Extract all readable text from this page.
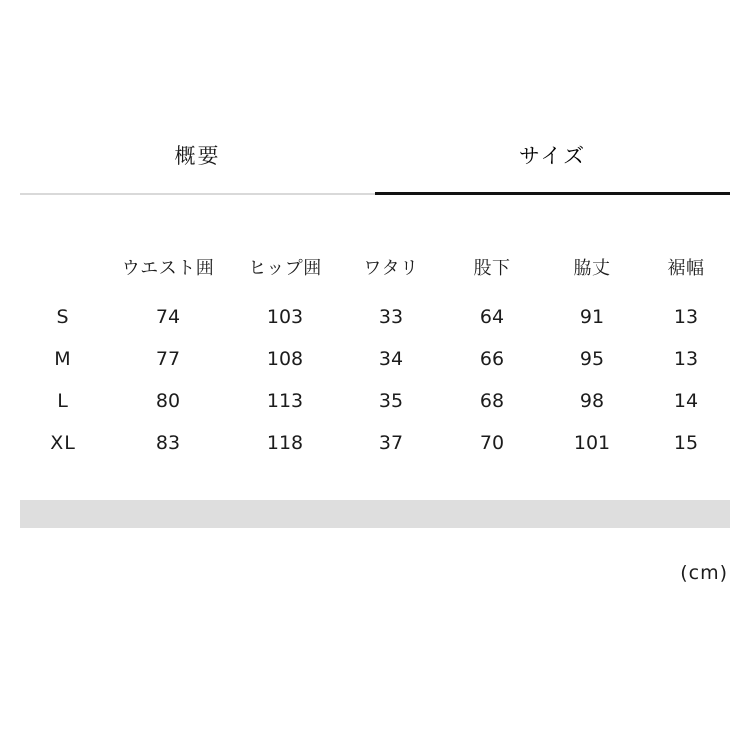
概要	サイズ
	ウエスト囲	ヒップ囲	ワタリ	股下	脇丈	裾幅
S	74	103	33	64	91	13
M	77	108	34	66	95	13
L	80	113	35	68	98	14
XL	83	118	37	70	101	15
(cm)
